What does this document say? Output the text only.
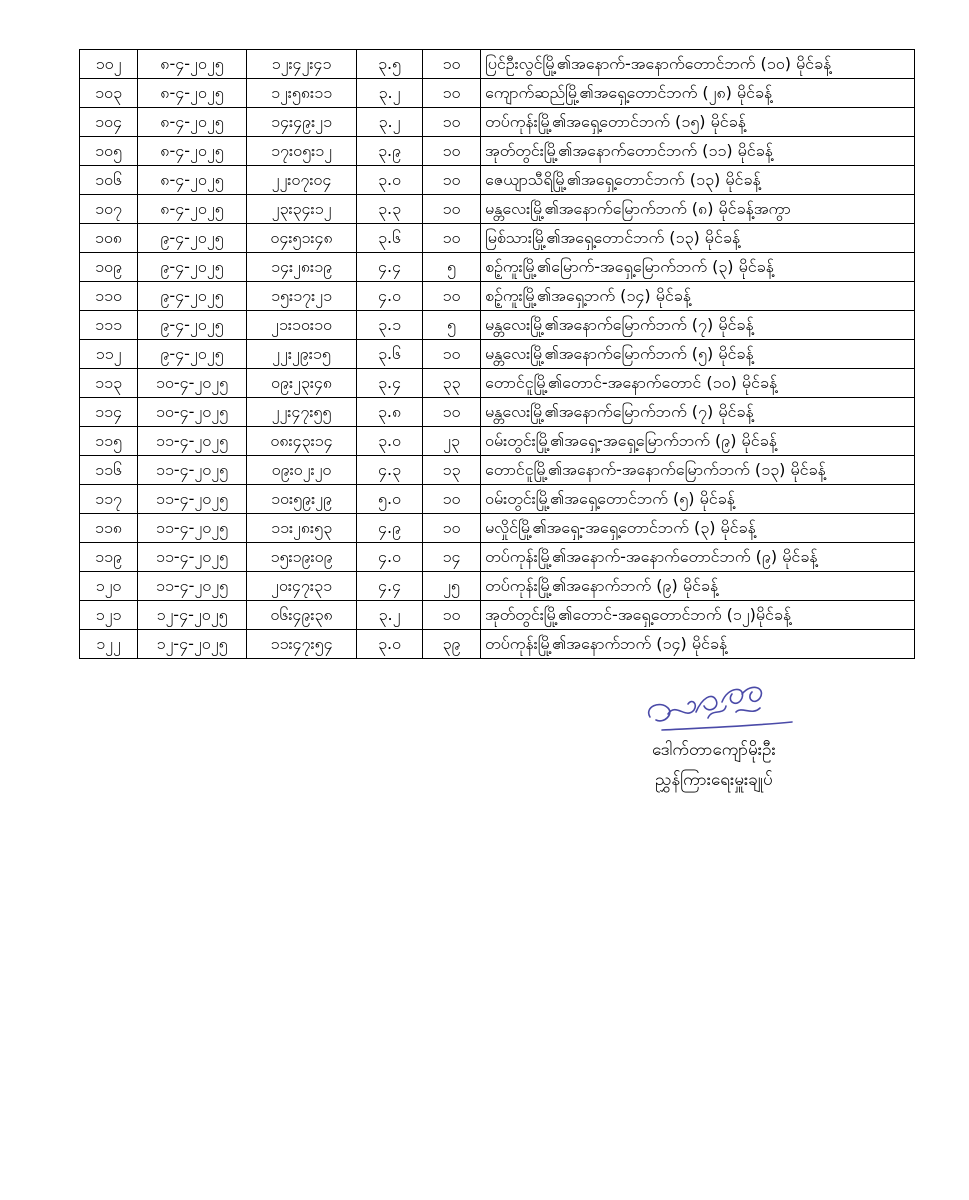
၁၀၂	၈-၄-၂၀၂၅	၁၂း၄၂း၄၁	၃.၅	၁၀	ပြင်ဦးလွင်မြို့၏အနောက်-အနောက်တောင်ဘက် (၁၀) မိုင်ခန့်
၁၀၃	၈-၄-၂၀၂၅	၁၂း၅၈း၁၁	၃.၂	၁၀	ကျောက်ဆည်မြို့၏အရှေ့တောင်ဘက် (၂၈) မိုင်ခန့်
၁၀၄	၈-၄-၂၀၂၅	၁၄း၄၉း၂၁	၃.၂	၁၀	တပ်ကုန်းမြို့၏အရှေ့တောင်ဘက် (၁၅) မိုင်ခန့်
၁၀၅	၈-၄-၂၀၂၅	၁၇း၀၅း၁၂	၃.၉	၁၀	အုတ်တွင်းမြို့၏အနောက်တောင်ဘက် (၁၁) မိုင်ခန့်
၁၀၆	၈-၄-၂၀၂၅	၂၂း၀၇း၀၄	၃.၀	၁၀	ဇေယျာသီရိမြို့၏အရှေ့တောင်ဘက် (၁၃) မိုင်ခန့်
၁၀၇	၈-၄-၂၀၂၅	၂၃း၃၄း၁၂	၃.၃	၁၀	မန္တလေးမြို့၏အနောက်မြောက်ဘက် (၈) မိုင်ခန့်အကွာ
၁၀၈	၉-၄-၂၀၂၅	၀၄း၅၁း၄၈	၃.၆	၁၀	မြစ်သားမြို့၏အရှေ့တောင်ဘက် (၁၃) မိုင်ခန့်
၁၀၉	၉-၄-၂၀၂၅	၁၄း၂၈း၁၉	၄.၄	၅	စဉ့်ကူးမြို့၏မြောက်-အရှေ့မြောက်ဘက် (၃) မိုင်ခန့်
၁၁၀	၉-၄-၂၀၂၅	၁၅း၁၇း၂၁	၄.၀	၁၀	စဉ့်ကူးမြို့၏အရှေ့ဘက် (၁၄) မိုင်ခန့်
၁၁၁	၉-၄-၂၀၂၅	၂၁း၁၀း၁၀	၃.၁	၅	မန္တလေးမြို့၏အနောက်မြောက်ဘက် (၇) မိုင်ခန့်
၁၁၂	၉-၄-၂၀၂၅	၂၂း၂၉း၁၅	၃.၆	၁၀	မန္တလေးမြို့၏အနောက်မြောက်ဘက် (၅) မိုင်ခန့်
၁၁၃	၁၀-၄-၂၀၂၅	၀၉း၂၃း၄၈	၃.၄	၃၃	တောင်ငူမြို့၏တောင်-အနောက်တောင် (၁၀) မိုင်ခန့်
၁၁၄	၁၀-၄-၂၀၂၅	၂၂း၄၇း၅၅	၃.၈	၁၀	မန္တလေးမြို့၏အနောက်မြောက်ဘက် (၇) မိုင်ခန့်
၁၁၅	၁၁-၄-၂၀၂၅	၀၈း၄၃း၁၄	၃.၀	၂၃	ဝမ်းတွင်းမြို့၏အရှေ့-အရှေ့မြောက်ဘက် (၉) မိုင်ခန့်
၁၁၆	၁၁-၄-၂၀၂၅	၀၉း၀၂း၂၀	၄.၃	၁၃	တောင်ငူမြို့၏အနောက်-အနောက်မြောက်ဘက် (၁၃) မိုင်ခန့်
၁၁၇	၁၁-၄-၂၀၂၅	၁၀း၅၉း၂၉	၅.၀	၁၀	ဝမ်းတွင်းမြို့၏အရှေ့တောင်ဘက် (၅) မိုင်ခန့်
၁၁၈	၁၁-၄-၂၀၂၅	၁၁း၂၈း၅၃	၄.၉	၁၀	မလှိုင်မြို့၏အရှေ့-အရှေ့တောင်ဘက် (၃) မိုင်ခန့်
၁၁၉	၁၁-၄-၂၀၂၅	၁၅း၁၉း၀၉	၄.၀	၁၄	တပ်ကုန်းမြို့၏အနောက်-အနောက်တောင်ဘက် (၉) မိုင်ခန့်
၁၂၀	၁၁-၄-၂၀၂၅	၂၀း၄၇း၃၁	၄.၄	၂၅	တပ်ကုန်းမြို့၏အနောက်ဘက် (၉) မိုင်ခန့်
၁၂၁	၁၂-၄-၂၀၂၅	၀၆း၄၉း၃၈	၃.၂	၁၀	အုတ်တွင်းမြို့၏တောင်-အရှေ့တောင်ဘက် (၁၂)မိုင်ခန့်
၁၂၂	၁၂-၄-၂၀၂၅	၁၁း၄၇း၅၄	၃.၀	၃၉	တပ်ကုန်းမြို့၏အနောက်ဘက် (၁၄) မိုင်ခန့်
ဒေါက်တာကျော်မိုးဦး
ညွှန်ကြားရေးမှူးချုပ်
